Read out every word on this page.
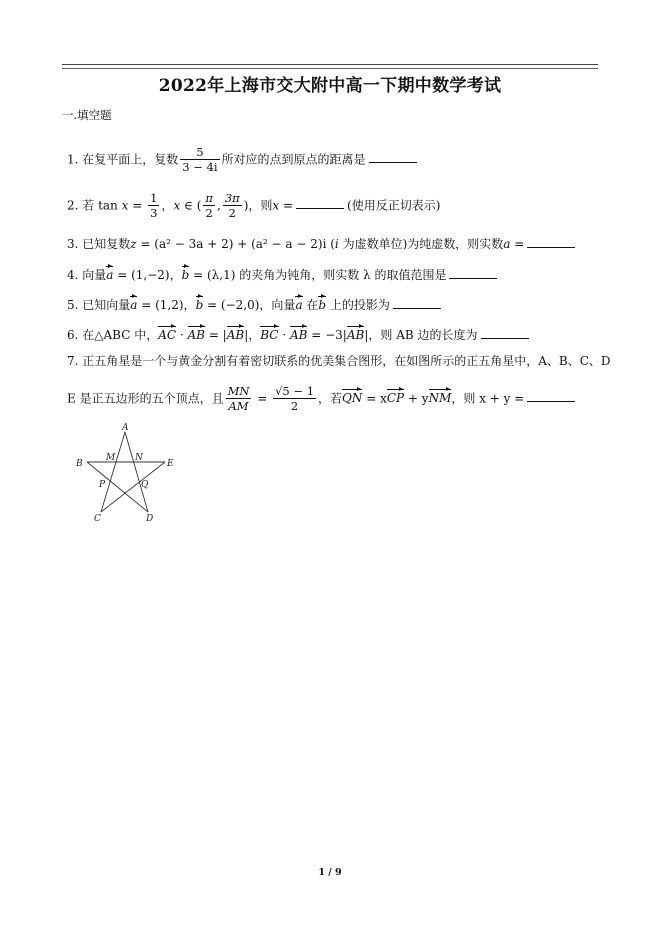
2022年上海市交大附中高一下期中数学考试
一.填空题
1. 在复平面上，复数 $\frac{5}{3 - 4i}$ 所对应的点到原点的距离是
2. 若 $\tan x = \frac{1}{3}$ ，x ∈ ( $\frac{\pi}{2}$ , $\frac{3\pi}{2}$ )，则x =	(使用反正切表示)
3. 已知复数z = (a² − 3a + 2) + (a² − a − 2)i (i 为虚数单位)为纯虚数，则实数a =
4. 向量a = (1,−2)，b = (λ,1) 的夹角为钝角，则实数 λ 的取值范围是
5. 已知向量a = (1,2)，b = (−2,0)，向量a 在b 上的投影为
6. 在△ABC 中，AC · AB = |AB|，BC · AB = −3|AB|，则 AB 边的长度为
7. 正五角星是一个与黄金分割有着密切联系的优美集合图形，在如图所示的正五角星中，A、B、C、D
E 是正五边形的五个顶点，且 $\frac{MN}{AM} = \frac{√5 - 1}{2}$ ，若QN = xCP + yNM，则 x + y =
A
B
M N
E
P	Q
C	D
1 / 9
